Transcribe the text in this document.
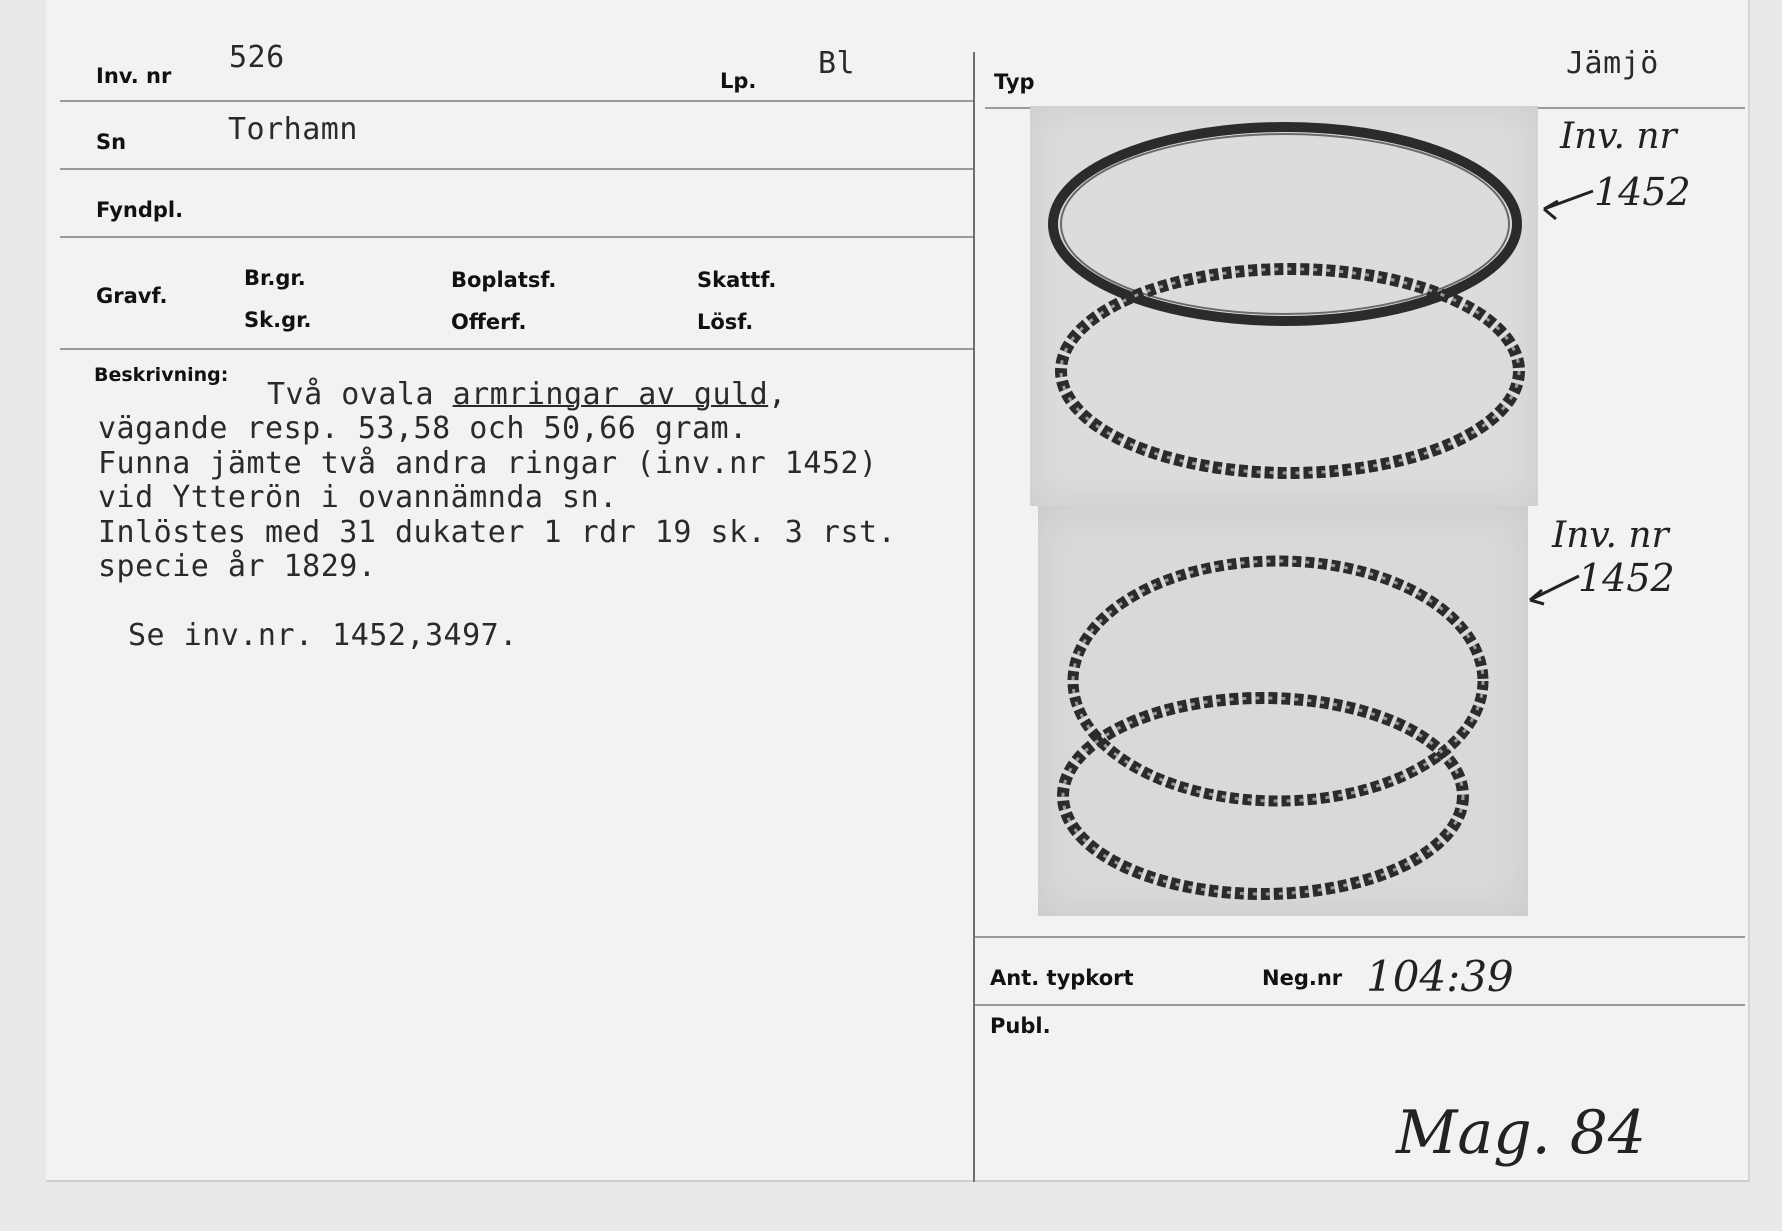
Inv. nr
526
Lp. Bl
Typ
Jämjö
Sn	Torhamn
Fyndpl.
Gravf.
Br.gr.
Sk.gr.
Boplatsf.
Offerf.
Skattf.
Lösf.
Beskrivning:
Två ovala armringar av guld,
vägande resp. 53,58 och 50,66 gram.
Funna jämte två andra ringar (inv.nr 1452)
vid Ytterön i ovannämnda sn.
Inlöstes med 31 dukater 1 rdr 19 sk. 3 rst.
specie år 1829.
Se inv.nr. 1452,3497.
Inv. nr
1452
Inv. nr
1452
Ant. typkort	Neg.nr 104:39
Publ.
Mag. 84
